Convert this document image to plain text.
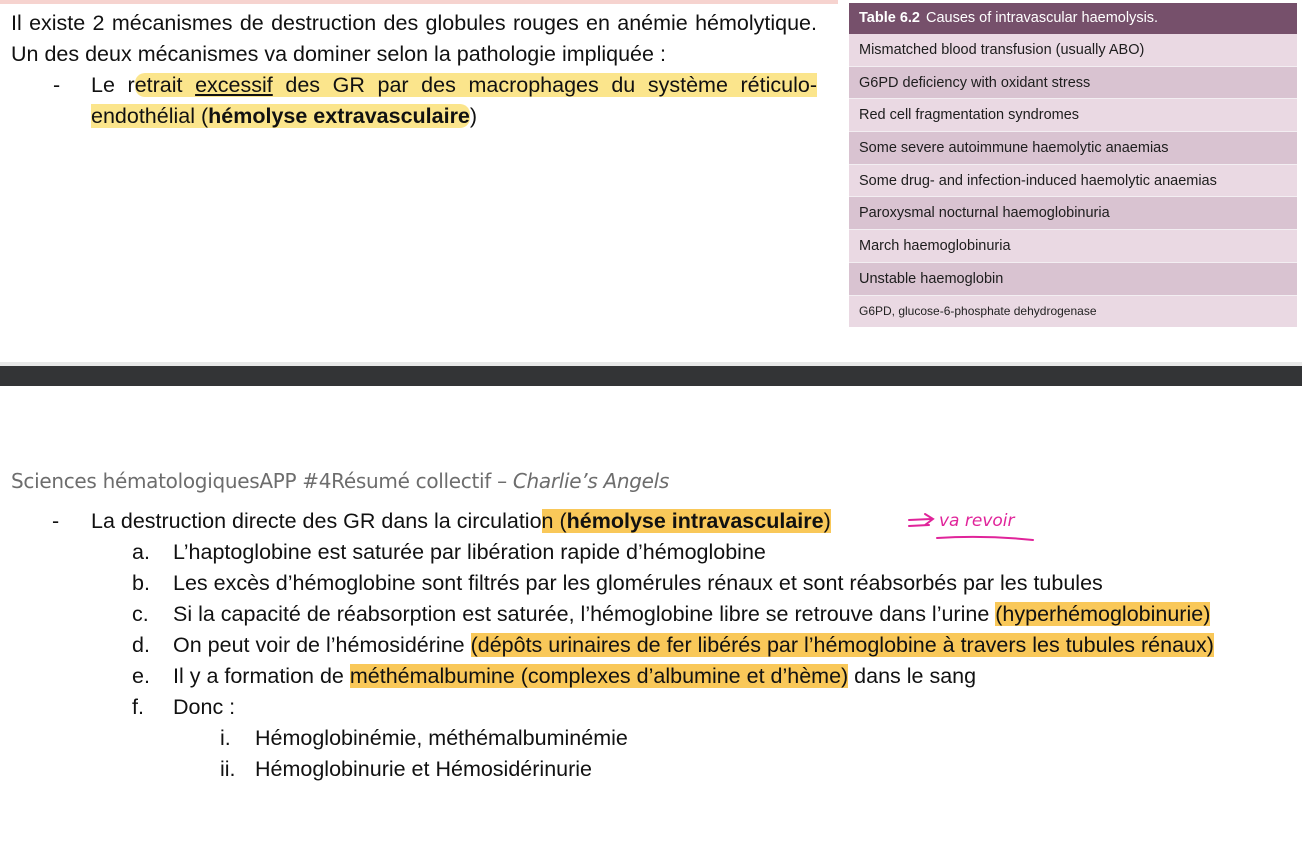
Il existe 2 mécanismes de destruction des globules rouges en anémie hémolytique. Un des deux mécanismes va dominer selon la pathologie impliquée :

- Le retrait excessif des GR par des macrophages du système réticulo-endothélial (hémolyse extravasculaire)

Table 6.2 Causes of intravascular haemolysis.
Mismatched blood transfusion (usually ABO)
G6PD deficiency with oxidant stress
Red cell fragmentation syndromes
Some severe autoimmune haemolytic anaemias
Some drug- and infection-induced haemolytic anaemias
Paroxysmal nocturnal haemoglobinuria
March haemoglobinuria
Unstable haemoglobin
G6PD, glucose-6-phosphate dehydrogenase
Sciences hématologiquesAPP #4Résumé collectif – Charlie’s Angels
- La destruction directe des GR dans la circulation (hémolyse intravasculaire)
a. L’haptoglobine est saturée par libération rapide d’hémoglobine
b. Les excès d’hémoglobine sont filtrés par les glomérules rénaux et sont réabsorbés par les tubules
c. Si la capacité de réabsorption est saturée, l’hémoglobine libre se retrouve dans l’urine (hyperhémoglobinurie)
d. On peut voir de l’hémosidérine (dépôts urinaires de fer libérés par l’hémoglobine à travers les tubules rénaux)
e. Il y a formation de méthémalbumine (complexes d’albumine et d’hème) dans le sang
f. Donc :
i. Hémoglobinémie, méthémalbuminémie
ii. Hémoglobinurie et Hémosidérinurie
va revoir
